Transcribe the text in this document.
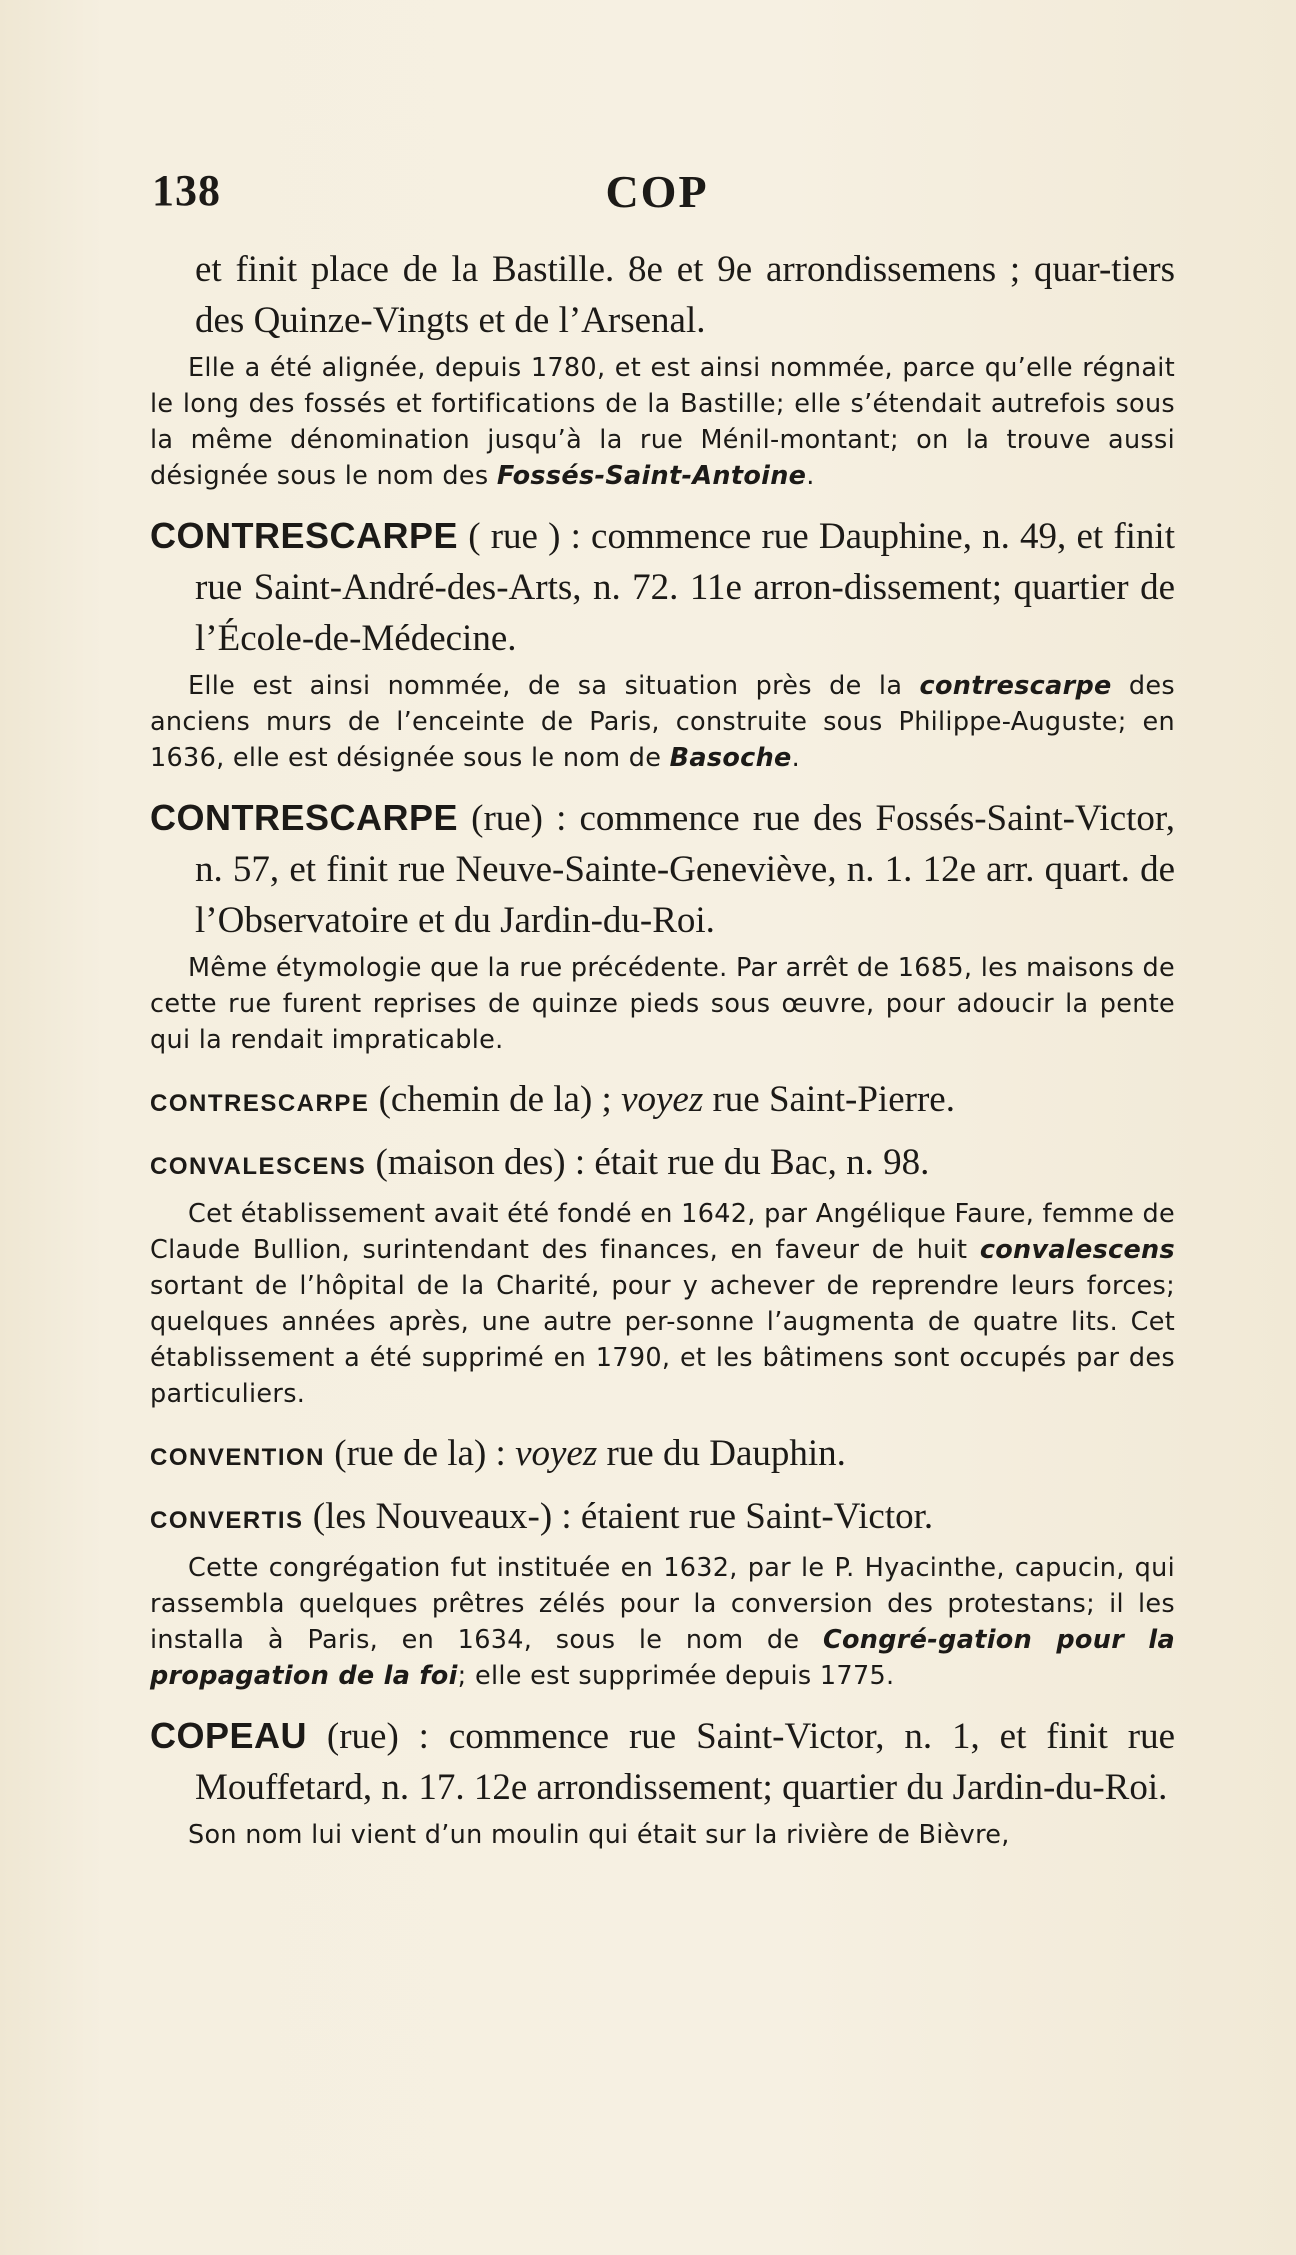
138	COP

et finit place de la Bastille. 8e et 9e arrondissemens ; quar-tiers des Quinze-Vingts et de l’Arsenal.

Elle a été alignée, depuis 1780, et est ainsi nommée, parce qu’elle régnait le long des fossés et fortifications de la Bastille; elle s’étendait autrefois sous la même dénomination jusqu’à la rue Ménil-montant; on la trouve aussi désignée sous le nom des Fossés-Saint-Antoine.

CONTRESCARPE ( rue ) : commence rue Dauphine, n. 49, et finit rue Saint-André-des-Arts, n. 72. 11e arron-dissement; quartier de l’École-de-Médecine.

Elle est ainsi nommée, de sa situation près de la contrescarpe des anciens murs de l’enceinte de Paris, construite sous Philippe-Auguste; en 1636, elle est désignée sous le nom de Basoche.

CONTRESCARPE (rue) : commence rue des Fossés-Saint-Victor, n. 57, et finit rue Neuve-Sainte-Geneviève, n. 1. 12e arr. quart. de l’Observatoire et du Jardin-du-Roi.

Même étymologie que la rue précédente. Par arrêt de 1685, les maisons de cette rue furent reprises de quinze pieds sous œuvre, pour adoucir la pente qui la rendait impraticable.

CONTRESCARPE (chemin de la) ; voyez rue Saint-Pierre.

CONVALESCENS (maison des) : était rue du Bac, n. 98.

Cet établissement avait été fondé en 1642, par Angélique Faure, femme de Claude Bullion, surintendant des finances, en faveur de huit convalescens sortant de l’hôpital de la Charité, pour y achever de reprendre leurs forces; quelques années après, une autre per-sonne l’augmenta de quatre lits. Cet établissement a été supprimé en 1790, et les bâtimens sont occupés par des particuliers.

CONVENTION (rue de la) : voyez rue du Dauphin.

CONVERTIS (les Nouveaux-) : étaient rue Saint-Victor.

Cette congrégation fut instituée en 1632, par le P. Hyacinthe, capucin, qui rassembla quelques prêtres zélés pour la conversion des protestans; il les installa à Paris, en 1634, sous le nom de Congré-gation pour la propagation de la foi; elle est supprimée depuis 1775.

COPEAU (rue) : commence rue Saint-Victor, n. 1, et finit rue Mouffetard, n. 17. 12e arrondissement; quartier du Jardin-du-Roi.

Son nom lui vient d’un moulin qui était sur la rivière de Bièvre,
